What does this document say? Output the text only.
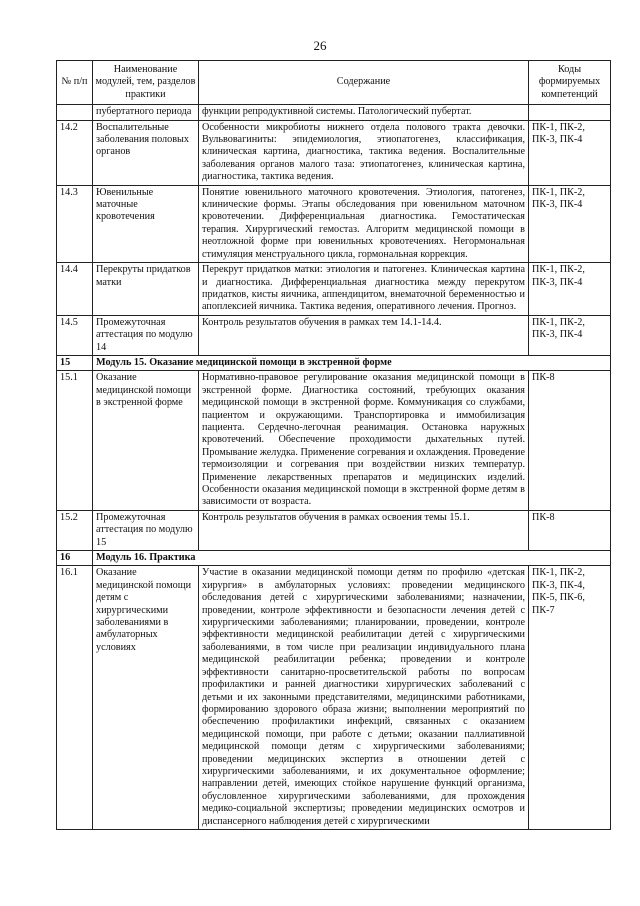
26
№ п/п	Наименование модулей, тем, разделов практики	Содержание	Коды формируемых компетенций
	пубертатного периода	функции репродуктивной системы. Патологический пубертат.	
14.2	Воспалительные заболевания половых органов	Особенности микробиоты нижнего отдела полового тракта девочки. Вульвовагиниты: эпидемиология, этиопатогенез, классификация, клиническая картина, диагностика, тактика ведения. Воспалительные заболевания органов малого таза: этиопатогенез, клиническая картина, диагностика, тактика ведения.	ПК-1, ПК-2, ПК-3, ПК-4
14.3	Ювенильные маточные кровотечения	Понятие ювенильного маточного кровотечения. Этиология, патогенез, клинические формы. Этапы обследования при ювенильном маточном кровотечении. Дифференциальная диагностика. Гемостатическая терапия. Хирургический гемостаз. Алгоритм медицинской помощи в неотложной форме при ювенильных кровотечениях. Негормональная стимуляция менструального цикла, гормональная коррекция.	ПК-1, ПК-2, ПК-3, ПК-4
14.4	Перекруты придатков матки	Перекрут придатков матки: этиология и патогенез. Клиническая картина и диагностика. Дифференциальная диагностика между перекрутом придатков, кисты яичника, аппендицитом, внематочной беременностью и апоплексией яичника. Тактика ведения, оперативного лечения. Прогноз.	ПК-1, ПК-2, ПК-3, ПК-4
14.5	Промежуточная аттестация по модулю 14	Контроль результатов обучения в рамках тем 14.1-14.4.	ПК-1, ПК-2, ПК-3, ПК-4
15	Модуль 15. Оказание медицинской помощи в экстренной форме		
15.1	Оказание медицинской помощи в экстренной форме	Нормативно-правовое регулирование оказания медицинской помощи в экстренной форме. Диагностика состояний, требующих оказания медицинской помощи в экстренной форме. Коммуникация со службами, пациентом и окружающими. Транспортировка и иммобилизация пациента. Сердечно-легочная реанимация. Остановка наружных кровотечений. Обеспечение проходимости дыхательных путей. Промывание желудка. Применение согревания и охлаждения. Проведение термоизоляции и согревания при воздействии низких температур. Применение лекарственных препаратов и медицинских изделий. Особенности оказания медицинской помощи в экстренной форме детям в зависимости от возраста.	ПК-8
15.2	Промежуточная аттестация по модулю 15	Контроль результатов обучения в рамках освоения темы 15.1.	ПК-8
16	Модуль 16. Практика		
16.1	Оказание медицинской помощи детям с хирургическими заболеваниями в амбулаторных условиях	Участие в оказании медицинской помощи детям по профилю «детская хирургия» в амбулаторных условиях: проведении медицинского обследования детей с хирургическими заболеваниями; назначении, проведении, контроле эффективности и безопасности лечения детей с хирургическими заболеваниями; планировании, проведении, контроле эффективности медицинской реабилитации детей с хирургическими заболеваниями, в том числе при реализации индивидуального плана медицинской реабилитации ребенка; проведении и контроле эффективности санитарно-просветительской работы по вопросам профилактики и ранней диагностики хирургических заболеваний с детьми и их законными представителями, медицинскими работниками, формированию здорового образа жизни; выполнении мероприятий по обеспечению профилактики инфекций, связанных с оказанием медицинской помощи, при работе с детьми; оказании паллиативной медицинской помощи детям с хирургическими заболеваниями; проведении медицинских экспертиз в отношении детей с хирургическими заболеваниями, и их документальное оформление; направлении детей, имеющих стойкое нарушение функций организма, обусловленное хирургическими заболеваниями, для прохождения медико-социальной экспертизы; проведении медицинских осмотров и диспансерного наблюдения детей с хирургическими	ПК-1, ПК-2, ПК-3, ПК-4, ПК-5, ПК-6, ПК-7
